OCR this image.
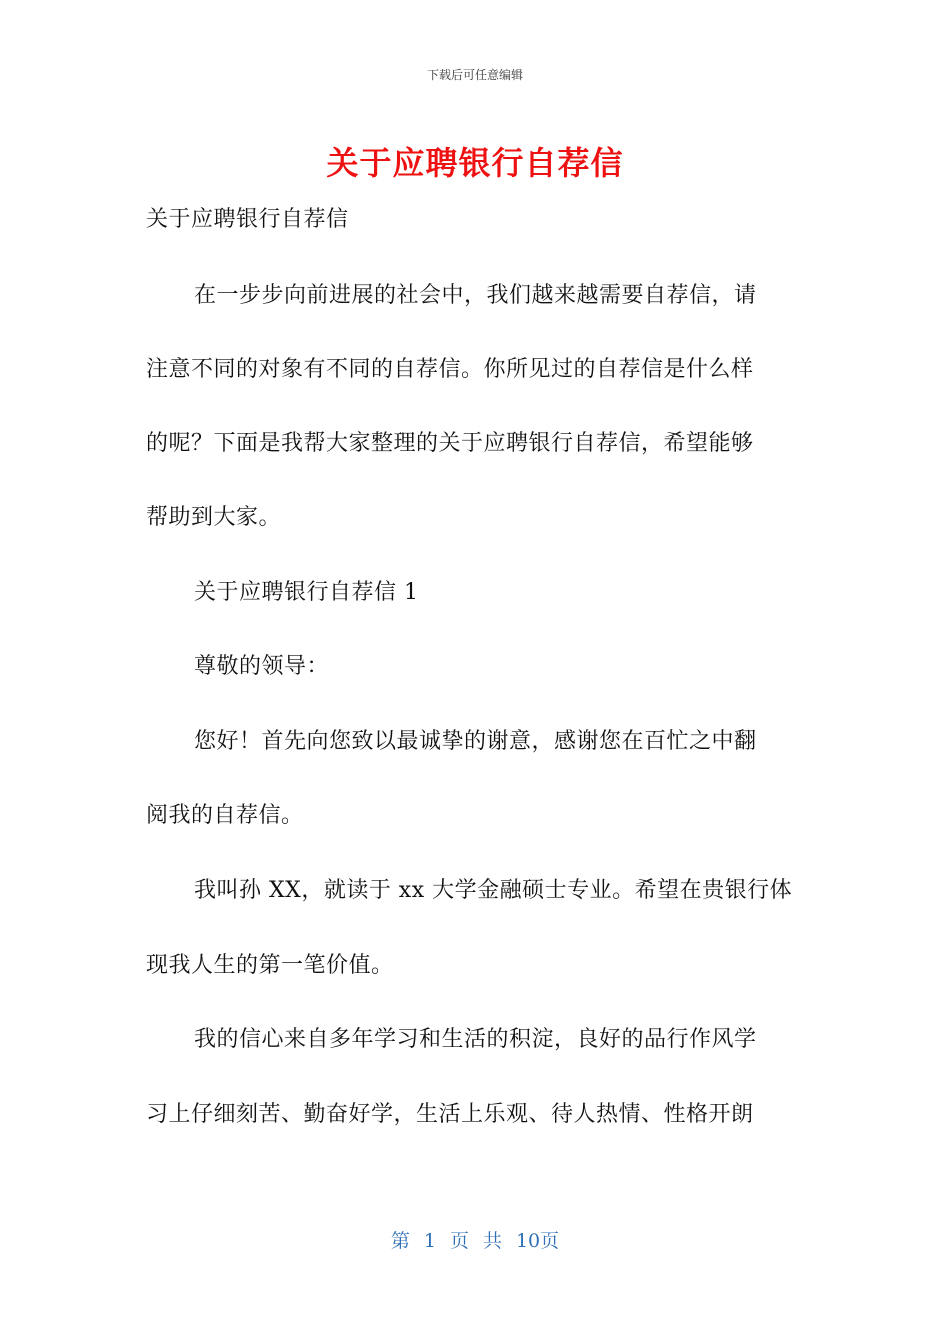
下载后可任意编辑
关于应聘银行自荐信
关于应聘银行自荐信
在一步步向前进展的社会中，我们越来越需要自荐信，请
注意不同的对象有不同的自荐信。你所见过的自荐信是什么样
的呢？下面是我帮大家整理的关于应聘银行自荐信，希望能够
帮助到大家。
关于应聘银行自荐信 1
尊敬的领导：
您好！首先向您致以最诚挚的谢意，感谢您在百忙之中翻
阅我的自荐信。
我叫孙 XX，就读于 xx 大学金融硕士专业。希望在贵银行体
现我人生的第一笔价值。
我的信心来自多年学习和生活的积淀，良好的品行作风学
习上仔细刻苦、勤奋好学，生活上乐观、待人热情、性格开朗
第 1 页 共 10页
